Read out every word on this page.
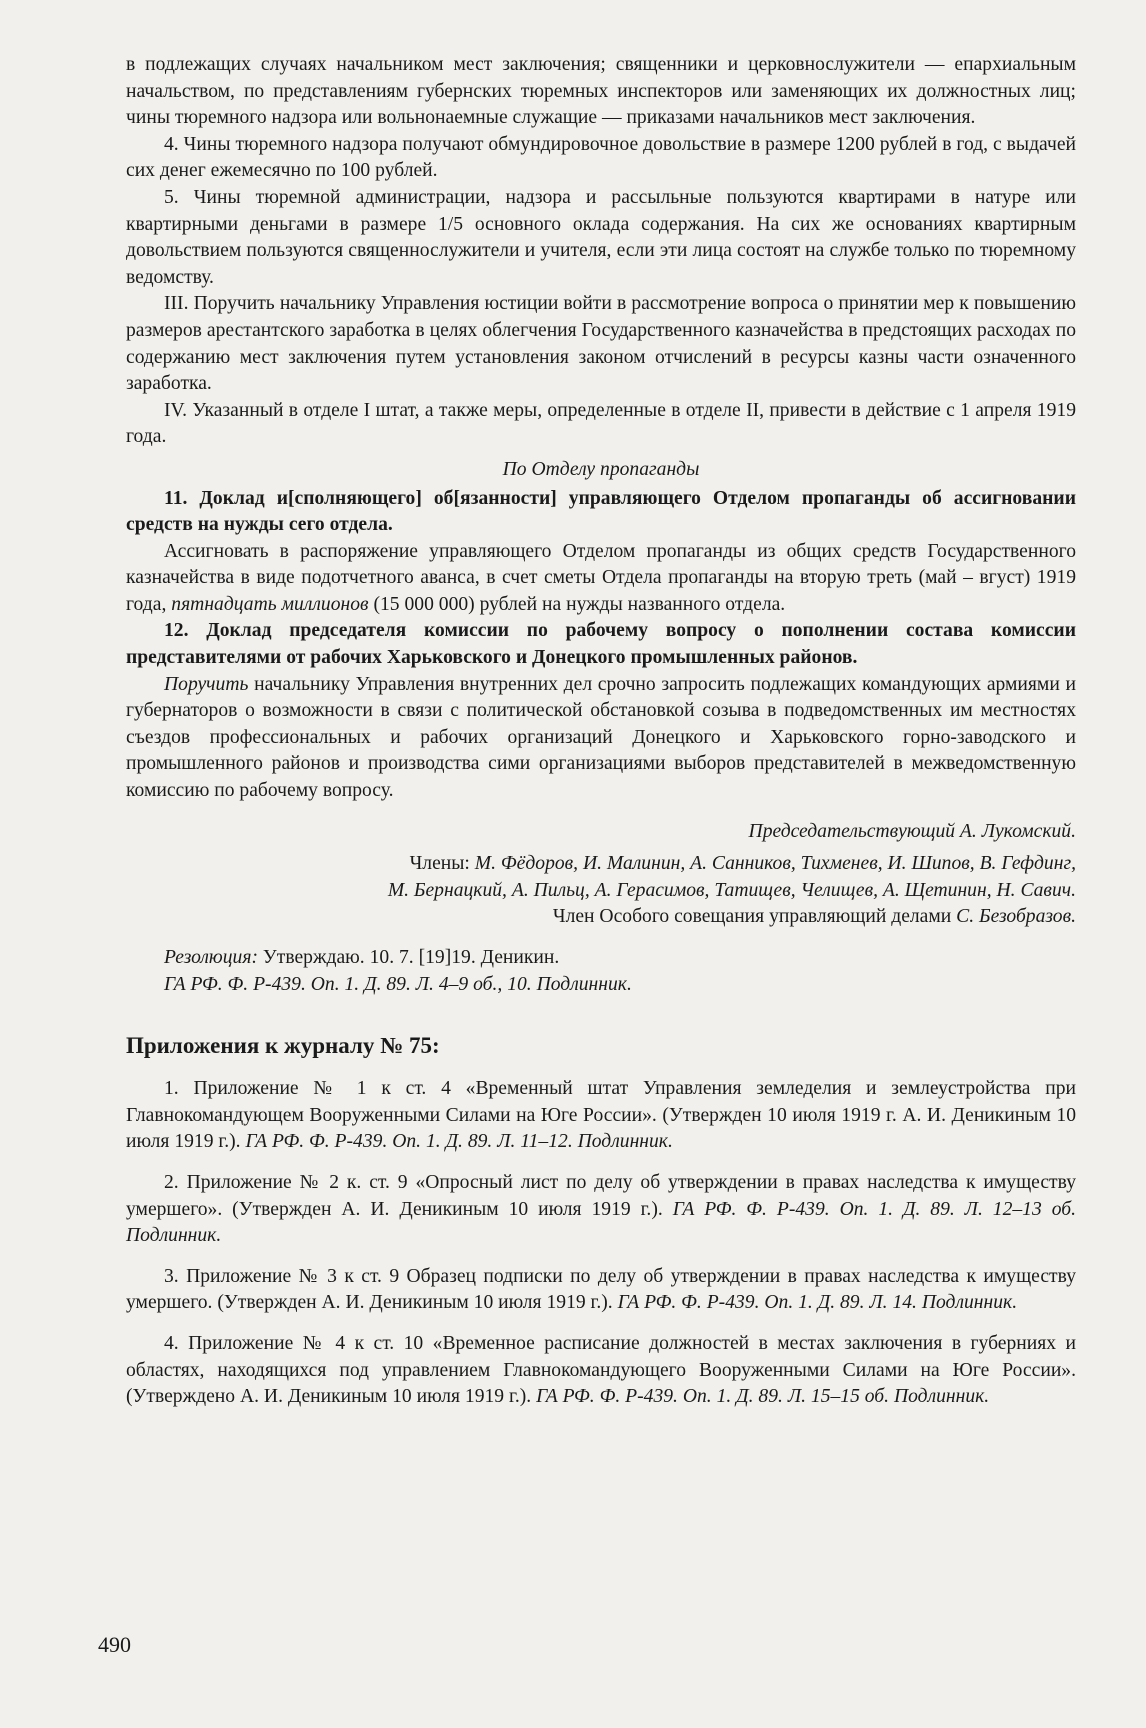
в подлежащих случаях начальником мест заключения; священники и церковнослужители — епархиальным начальством, по представлениям губернских тюремных инспекторов или заменяющих их должностных лиц; чины тюремного надзора или вольнонаемные служащие — приказами начальников мест заключения.

4. Чины тюремного надзора получают обмундировочное довольствие в размере 1200 рублей в год, с выдачей сих денег ежемесячно по 100 рублей.

5. Чины тюремной администрации, надзора и рассыльные пользуются квартирами в натуре или квартирными деньгами в размере 1/5 основного оклада содержания. На сих же основаниях квартирным довольствием пользуются священнослужители и учителя, если эти лица состоят на службе только по тюремному ведомству.

III. Поручить начальнику Управления юстиции войти в рассмотрение вопроса о принятии мер к повышению размеров арестантского заработка в целях облегчения Государственного казначейства в предстоящих расходах по содержанию мест заключения путем установления законом отчислений в ресурсы казны части означенного заработка.

IV. Указанный в отделе I штат, а также меры, определенные в отделе II, привести в действие с 1 апреля 1919 года.

По Отделу пропаганды

11. Доклад и[сполняющего] об[язанности] управляющего Отделом пропаганды об ассигновании средств на нужды сего отдела.

Ассигновать в распоряжение управляющего Отделом пропаганды из общих средств Государственного казначейства в виде подотчетного аванса, в счет сметы Отдела пропаганды на вторую треть (май – вгуст) 1919 года, пятнадцать миллионов (15 000 000) рублей на нужды названного отдела.

12. Доклад председателя комиссии по рабочему вопросу о пополнении состава комиссии представителями от рабочих Харьковского и Донецкого промышленных районов.

Поручить начальнику Управления внутренних дел срочно запросить подлежащих командующих армиями и губернаторов о возможности в связи с политической обстановкой созыва в подведомственных им местностях съездов профессиональных и рабочих организаций Донецкого и Харьковского горно-заводского и промышленного районов и производства сими организациями выборов представителей в межведомственную комиссию по рабочему вопросу.

Председательствующий А. Лукомский.

Члены: М. Фёдоров, И. Малинин, А. Санников, Тихменев, И. Шипов, В. Гефдинг,

М. Бернацкий, А. Пильц, А. Герасимов, Татищев, Челищев, А. Щетинин, Н. Савич.

Член Особого совещания управляющий делами С. Безобразов.

Резолюция: Утверждаю. 10. 7. [19]19. Деникин.

ГА РФ. Ф. Р-439. Оп. 1. Д. 89. Л. 4–9 об., 10. Подлинник.

Приложения к журналу № 75:

1. Приложение № 1 к ст. 4 «Временный штат Управления земледелия и землеустройства при Главнокомандующем Вооруженными Силами на Юге России». (Утвержден 10 июля 1919 г. А. И. Деникиным 10 июля 1919 г.). ГА РФ. Ф. Р-439. Оп. 1. Д. 89. Л. 11–12. Подлинник.

2. Приложение № 2 к. ст. 9 «Опросный лист по делу об утверждении в правах наследства к имуществу умершего». (Утвержден А. И. Деникиным 10 июля 1919 г.). ГА РФ. Ф. Р-439. Оп. 1. Д. 89. Л. 12–13 об. Подлинник.

3. Приложение № 3 к ст. 9 Образец подписки по делу об утверждении в правах наследства к имуществу умершего. (Утвержден А. И. Деникиным 10 июля 1919 г.). ГА РФ. Ф. Р-439. Оп. 1. Д. 89. Л. 14. Подлинник.

4. Приложение № 4 к ст. 10 «Временное расписание должностей в местах заключения в губерниях и областях, находящихся под управлением Главнокомандующего Вооруженными Силами на Юге России». (Утверждено А. И. Деникиным 10 июля 1919 г.). ГА РФ. Ф. Р-439. Оп. 1. Д. 89. Л. 15–15 об. Подлинник.

490
